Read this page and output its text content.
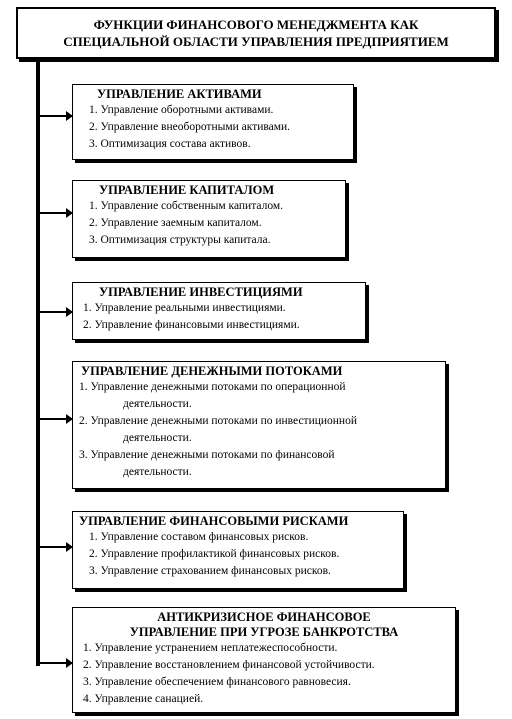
ФУНКЦИИ ФИНАНСОВОГО МЕНЕДЖМЕНТА КАК
СПЕЦИАЛЬНОЙ ОБЛАСТИ УПРАВЛЕНИЯ ПРЕДПРИЯТИЕМ
УПРАВЛЕНИЕ АКТИВАМИ
1. Управление оборотными активами.
2. Управление внеоборотными активами.
3. Оптимизация состава активов.
УПРАВЛЕНИЕ КАПИТАЛОМ
1. Управление собственным капиталом.
2. Управление заемным капиталом.
3. Оптимизация структуры капитала.
УПРАВЛЕНИЕ ИНВЕСТИЦИЯМИ
1. Управление реальными инвестициями.
2. Управление финансовыми инвестициями.
УПРАВЛЕНИЕ ДЕНЕЖНЫМИ ПОТОКАМИ
1. Управление денежными потоками по операционной
деятельности.
2. Управление денежными потоками по инвестиционной
деятельности.
3. Управление денежными потоками по финансовой
деятельности.
УПРАВЛЕНИЕ ФИНАНСОВЫМИ РИСКАМИ
1. Управление составом финансовых рисков.
2. Управление профилактикой финансовых рисков.
3. Управление страхованием финансовых рисков.
АНТИКРИЗИСНОЕ ФИНАНСОВОЕ
УПРАВЛЕНИЕ ПРИ УГРОЗЕ БАНКРОТСТВА
1. Управление устранением неплатежеспособности.
2. Управление восстановлением финансовой устойчивости.
3. Управление обеспечением финансового равновесия.
4. Управление санацией.
